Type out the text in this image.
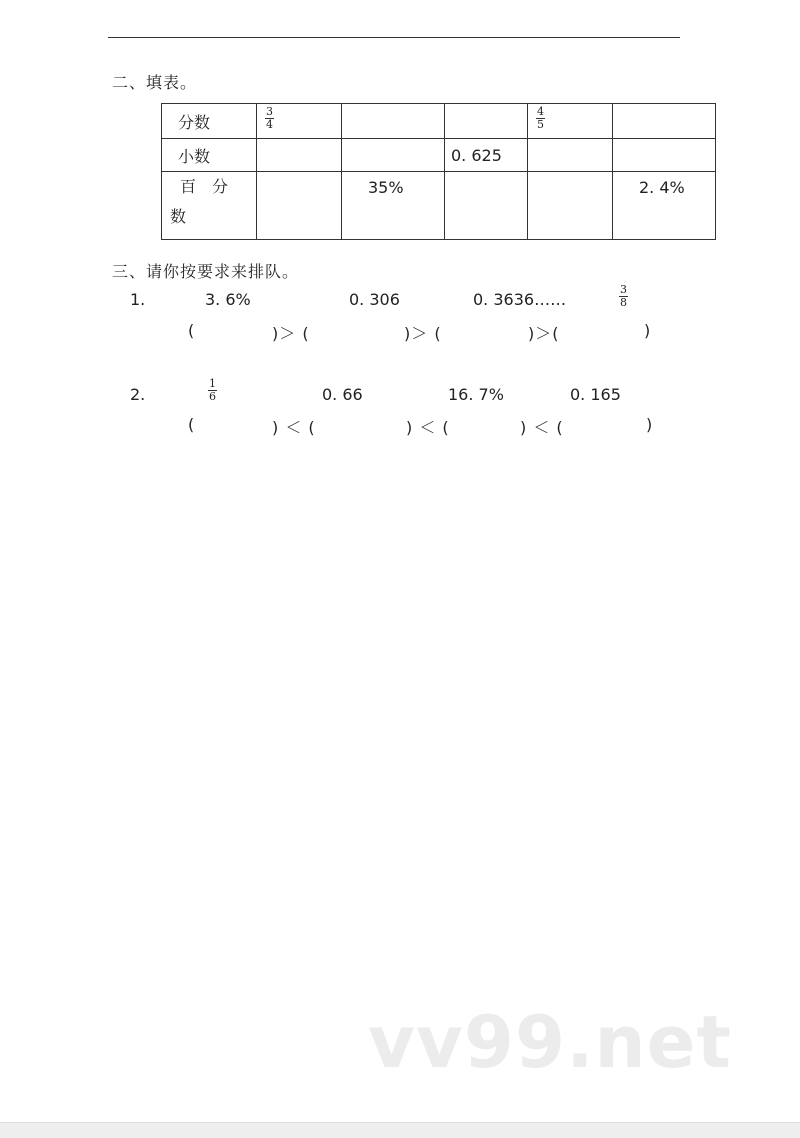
二、填表。
分数	$\frac{3}{4}$			$\frac{4}{5}$

小数			0. 625		

百　分
数		35%			2. 4%
三、请你按要求来排队。
1.	3. 6%	0. 306	0. 3636……	$\frac{3}{8}$
(	)＞ (	)＞ (	)＞(	)
2.	$\frac{1}{6}$	0. 66	16. 7%	0. 165
(	) ＜ (	) ＜ (	) ＜ (	)
vv99.net
